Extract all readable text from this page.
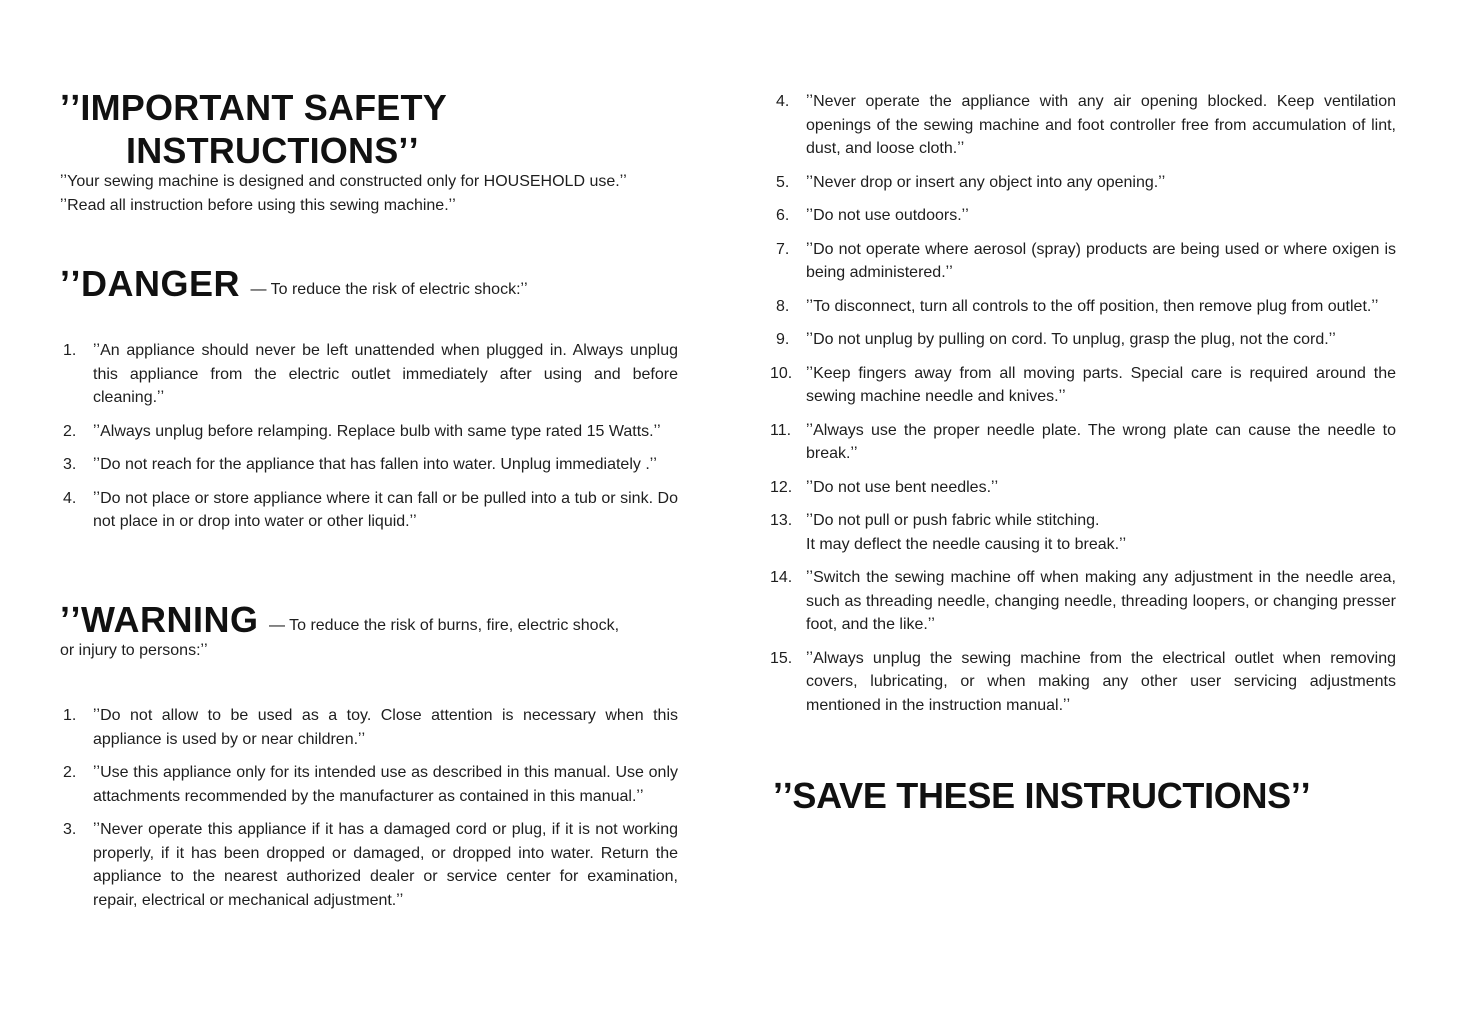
ʼʼIMPORTANT SAFETY
INSTRUCTIONSʼʼ

ʼʼYour sewing machine is designed and constructed only for HOUSEHOLD use.ʼʼ

ʼʼRead all instruction before using this sewing machine.ʼʼ

ʼʼDANGER — To reduce the risk of electric shock:ʼʼ
1. ʼʼAn appliance should never be left unattended when plugged in. Always unplug this appliance from the electric outlet immediately after using and before cleaning.ʼʼ
2. ʼʼAlways unplug before relamping. Replace bulb with same type rated 15 Watts.ʼʼ
3. ʼʼDo not reach for the appliance that has fallen into water. Unplug immediately .ʼʼ
4. ʼʼDo not place or store appliance where it can fall or be pulled into a tub or sink. Do not place in or drop into water or other liquid.ʼʼ
ʼʼWARNING — To reduce the risk of burns, fire, electric shock,
or injury to persons:ʼʼ
1. ʼʼDo not allow to be used as a toy. Close attention is necessary when this appliance is used by or near children.ʼʼ
2. ʼʼUse this appliance only for its intended use as described in this manual. Use only attachments recommended by the manufacturer as contained in this manual.ʼʼ
3. ʼʼNever operate this appliance if it has a damaged cord or plug, if it is not working properly, if it has been dropped or damaged, or dropped into water. Return the appliance to the nearest authorized dealer or service center for examination, repair, electrical or mechanical adjustment.ʼʼ
4. ʼʼNever operate the appliance with any air opening blocked. Keep ventilation openings of the sewing machine and foot controller free from accumulation of lint, dust, and loose cloth.ʼʼ
5. ʼʼNever drop or insert any object into any opening.ʼʼ
6. ʼʼDo not use outdoors.ʼʼ
7. ʼʼDo not operate where aerosol (spray) products are being used or where oxigen is being administered.ʼʼ
8. ʼʼTo disconnect, turn all controls to the off position, then remove plug from outlet.ʼʼ
9. ʼʼDo not unplug by pulling on cord. To unplug, grasp the plug, not the cord.ʼʼ
10. ʼʼKeep fingers away from all moving parts. Special care is required around the sewing machine needle and knives.ʼʼ
11. ʼʼAlways use the proper needle plate. The wrong plate can cause the needle to break.ʼʼ
12. ʼʼDo not use bent needles.ʼʼ
13. ʼʼDo not pull or push fabric while stitching.
It may deflect the needle causing it to break.ʼʼ
14. ʼʼSwitch the sewing machine off when making any adjustment in the needle area, such as threading needle, changing needle, threading loopers, or changing presser foot, and the like.ʼʼ
15. ʼʼAlways unplug the sewing machine from the electrical outlet when removing covers, lubricating, or when making any other user servicing adjustments mentioned in the instruction manual.ʼʼ
ʼʼSAVE THESE INSTRUCTIONSʼʼ
